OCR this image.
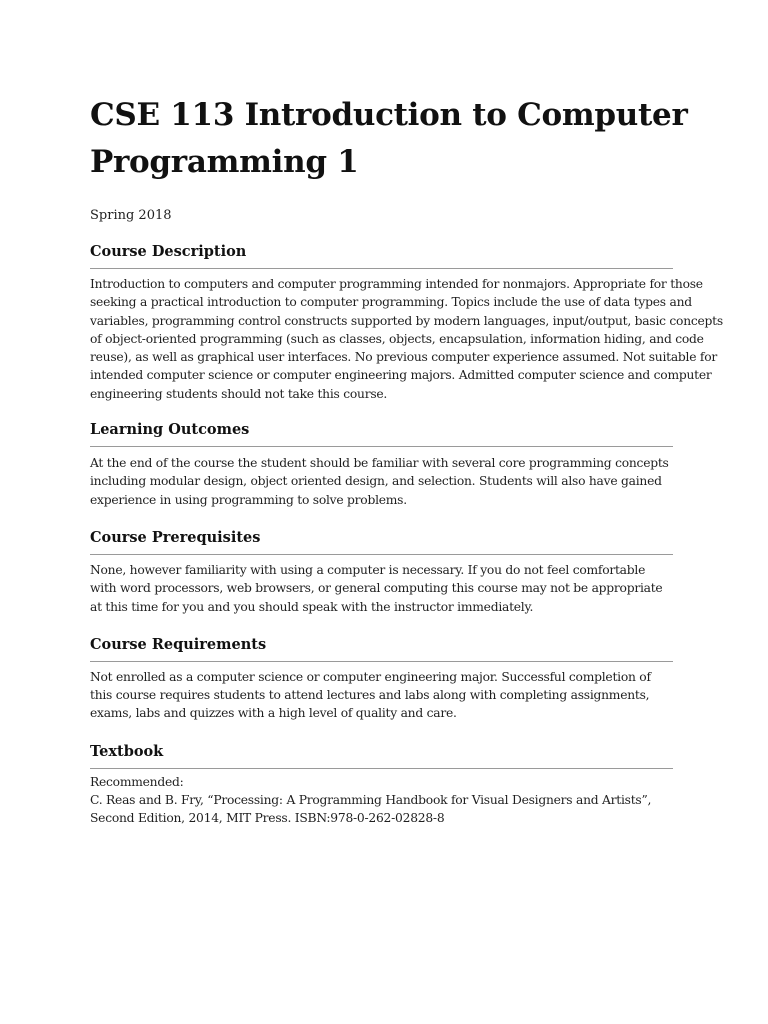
CSE 113 Introduction to Computer
Programming 1

Spring 2018

Course Description
Introduction to computers and computer programming intended for nonmajors. Appropriate for those
seeking a practical introduction to computer programming. Topics include the use of data types and
variables, programming control constructs supported by modern languages, input/output, basic concepts
of object-oriented programming (such as classes, objects, encapsulation, information hiding, and code
reuse), as well as graphical user interfaces. No previous computer experience assumed. Not suitable for
intended computer science or computer engineering majors. Admitted computer science and computer
engineering students should not take this course.
Learning Outcomes
At the end of the course the student should be familiar with several core programming concepts
including modular design, object oriented design, and selection. Students will also have gained
experience in using programming to solve problems.
Course Prerequisites
None, however familiarity with using a computer is necessary. If you do not feel comfortable
with word processors, web browsers, or general computing this course may not be appropriate
at this time for you and you should speak with the instructor immediately.
Course Requirements
Not enrolled as a computer science or computer engineering major. Successful completion of
this course requires students to attend lectures and labs along with completing assignments,
exams, labs and quizzes with a high level of quality and care.
Textbook
Recommended:
C. Reas and B. Fry, “Processing: A Programming Handbook for Visual Designers and Artists”,
Second Edition, 2014, MIT Press. ISBN:978-0-262-02828-8
